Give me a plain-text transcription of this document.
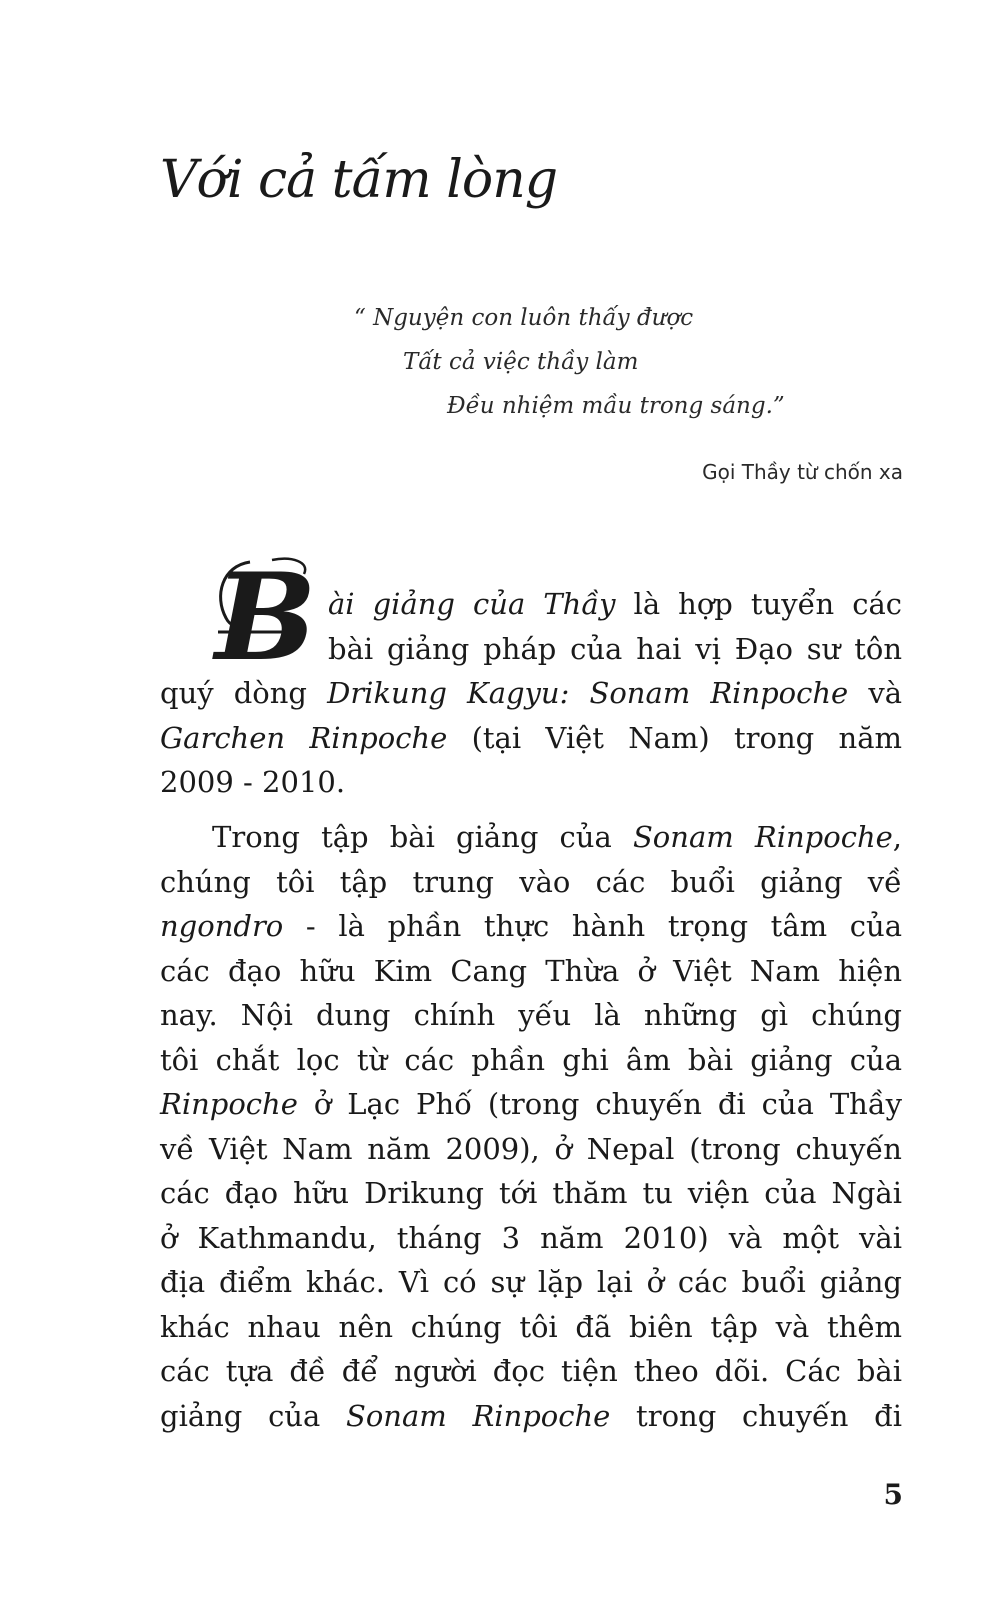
Với cả tấm lòng
“ Nguyện con luôn thấy được
Tất cả việc thầy làm
Đều nhiệm mầu trong sáng.”
Gọi Thầy từ chốn xa
B ài giảng của Thầy là hợp tuyển các
bài giảng pháp của hai vị Đạo sư tôn
quý dòng Drikung Kagyu: Sonam Rinpoche và
Garchen Rinpoche (tại Việt Nam) trong năm
2009 - 2010.
Trong tập bài giảng của Sonam Rinpoche,
chúng tôi tập trung vào các buổi giảng về
ngondro - là phần thực hành trọng tâm của
các đạo hữu Kim Cang Thừa ở Việt Nam hiện
nay. Nội dung chính yếu là những gì chúng
tôi chắt lọc từ các phần ghi âm bài giảng của
Rinpoche ở Lạc Phố (trong chuyến đi của Thầy
về Việt Nam năm 2009), ở Nepal (trong chuyến
các đạo hữu Drikung tới thăm tu viện của Ngài
ở Kathmandu, tháng 3 năm 2010) và một vài
địa điểm khác. Vì có sự lặp lại ở các buổi giảng
khác nhau nên chúng tôi đã biên tập và thêm
các tựa đề để người đọc tiện theo dõi. Các bài
giảng của Sonam Rinpoche trong chuyến đi
5
